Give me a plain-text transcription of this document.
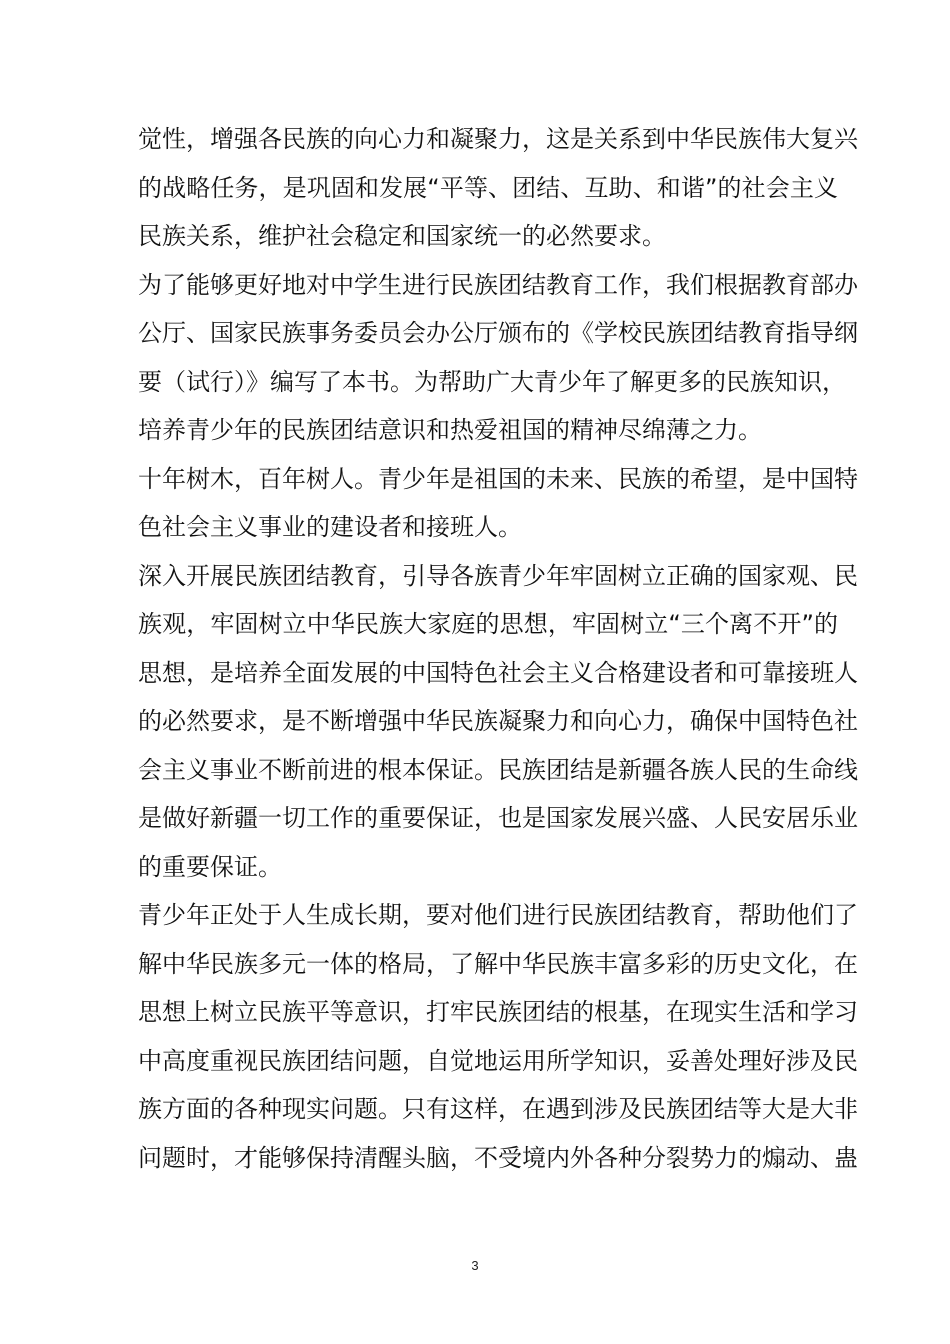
觉性，增强各民族的向心力和凝聚力，这是关系到中华民族伟大复兴
的战略任务，是巩固和发展“平等、团结、互助、和谐”的社会主义
民族关系，维护社会稳定和国家统一的必然要求。
为了能够更好地对中学生进行民族团结教育工作，我们根据教育部办
公厅、国家民族事务委员会办公厅颁布的《学校民族团结教育指导纲
要（试行）》编写了本书。为帮助广大青少年了解更多的民族知识，
培养青少年的民族团结意识和热爱祖国的精神尽绵薄之力。
十年树木，百年树人。青少年是祖国的未来、民族的希望，是中国特
色社会主义事业的建设者和接班人。
深入开展民族团结教育，引导各族青少年牢固树立正确的国家观、民
族观，牢固树立中华民族大家庭的思想，牢固树立“三个离不开”的
思想，是培养全面发展的中国特色社会主义合格建设者和可靠接班人
的必然要求，是不断增强中华民族凝聚力和向心力，确保中国特色社
会主义事业不断前进的根本保证。民族团结是新疆各族人民的生命线
是做好新疆一切工作的重要保证，也是国家发展兴盛、人民安居乐业
的重要保证。
青少年正处于人生成长期，要对他们进行民族团结教育，帮助他们了
解中华民族多元一体的格局，了解中华民族丰富多彩的历史文化，在
思想上树立民族平等意识，打牢民族团结的根基，在现实生活和学习
中高度重视民族团结问题，自觉地运用所学知识，妥善处理好涉及民
族方面的各种现实问题。只有这样，在遇到涉及民族团结等大是大非
问题时，才能够保持清醒头脑，不受境内外各种分裂势力的煽动、蛊
3
